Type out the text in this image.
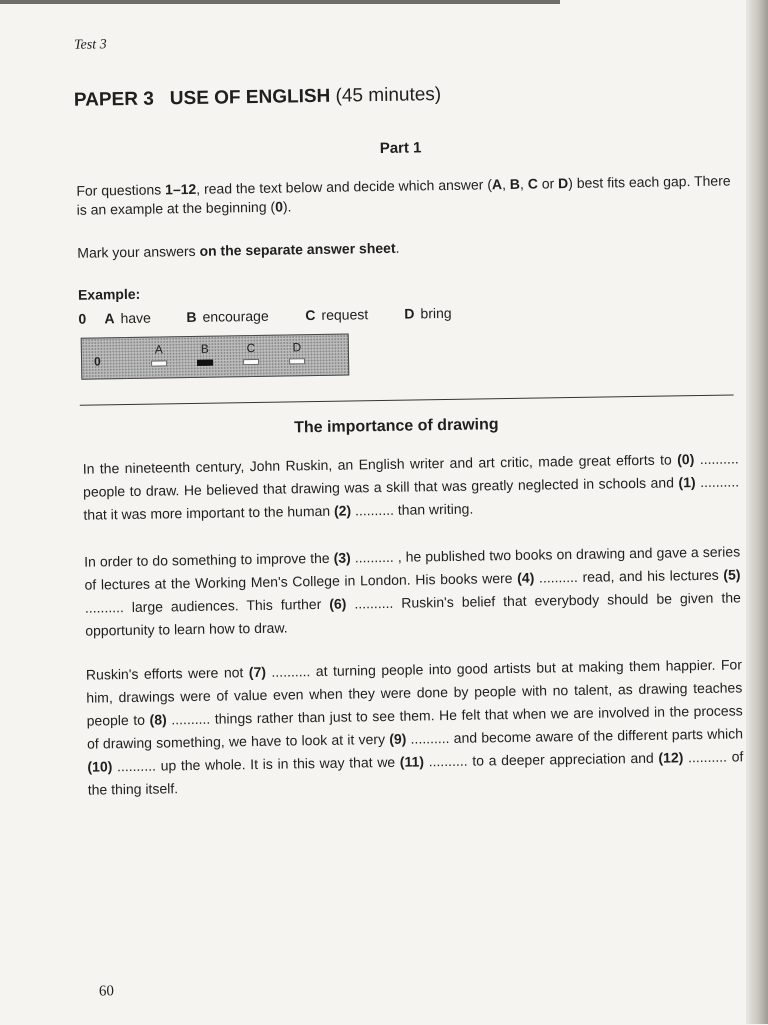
Test 3
PAPER 3 USE OF ENGLISH (45 minutes)
Part 1
For questions 1–12, read the text below and decide which answer (A, B, C or D) best fits each gap. There is an example at the beginning (0).
Mark your answers on the separate answer sheet.
Example:
0	A have	B encourage	C request	D bring
0
A	B	C	D
The importance of drawing
In the nineteenth century, John Ruskin, an English writer and art critic, made great efforts to (0) .......... people to draw. He believed that drawing was a skill that was greatly neglected in schools and (1) .......... that it was more important to the human (2) .......... than writing.
In order to do something to improve the (3) .......... , he published two books on drawing and gave a series of lectures at the Working Men's College in London. His books were (4) .......... read, and his lectures (5) .......... large audiences. This further (6) .......... Ruskin's belief that everybody should be given the opportunity to learn how to draw.
Ruskin's efforts were not (7) .......... at turning people into good artists but at making them happier. For him, drawings were of value even when they were done by people with no talent, as drawing teaches people to (8) .......... things rather than just to see them. He felt that when we are involved in the process of drawing something, we have to look at it very (9) .......... and become aware of the different parts which (10) .......... up the whole. It is in this way that we (11) .......... to a deeper appreciation and (12) .......... of the thing itself.
60
